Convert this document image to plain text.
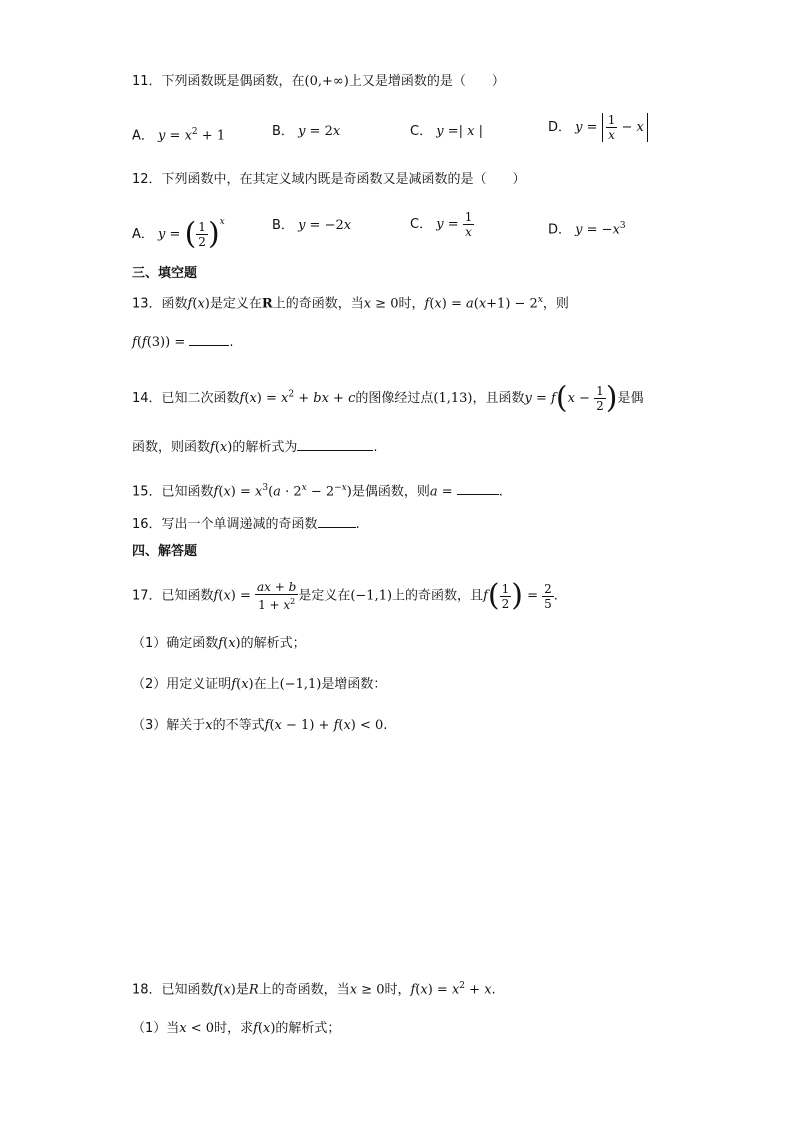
11．下列函数既是偶函数，在(0,+∞)上又是增函数的是（　　）
A． $y = x^2 + 1$	B． y = 2x	C． y =| x |	D． $y = \frac{1}{x} - x$
12．下列函数中，在其定义域内既是奇函数又是减函数的是（　　）
A． y = ( $\frac{1}{2} )^x$	B． y = −2x	C． $y = \frac{1}{x}$	D． $y = -x^3$
三、填空题
13．函数f(x)是定义在R上的奇函数，当x ≥ 0时，$f(x) = a(x+1) - 2^x$，则
f(f(3)) =	.
14．已知二次函数$f(x) = x^2$ + bx + c的图像经过点(1,13)，且函数$y = f(x - \frac{1}{2}$ )是偶
函数，则函数f(x)的解析式为	.
15．已知函数$f(x) = x^3(a \cdot 2^x - 2^{-x})$是偶函数，则a =	.
16．写出一个单调递减的奇函数	.
四、解答题
17．已知函数$f(x) = \frac{ax + b}{1 + x^2}$ 是定义在(−1,1)上的奇函数，且$f( \frac{1}{2}$ ) = $\frac{2}{5}$ .
（1）确定函数f(x)的解析式；
（2）用定义证明f(x)在上(−1,1)是增函数：
（3）解关于x的不等式f(x − 1) + f(x) < 0.
18．已知函数f(x)是R上的奇函数，当x ≥ 0时，$f(x) = x^2 + x$.
（1）当x < 0时，求f(x)的解析式；
